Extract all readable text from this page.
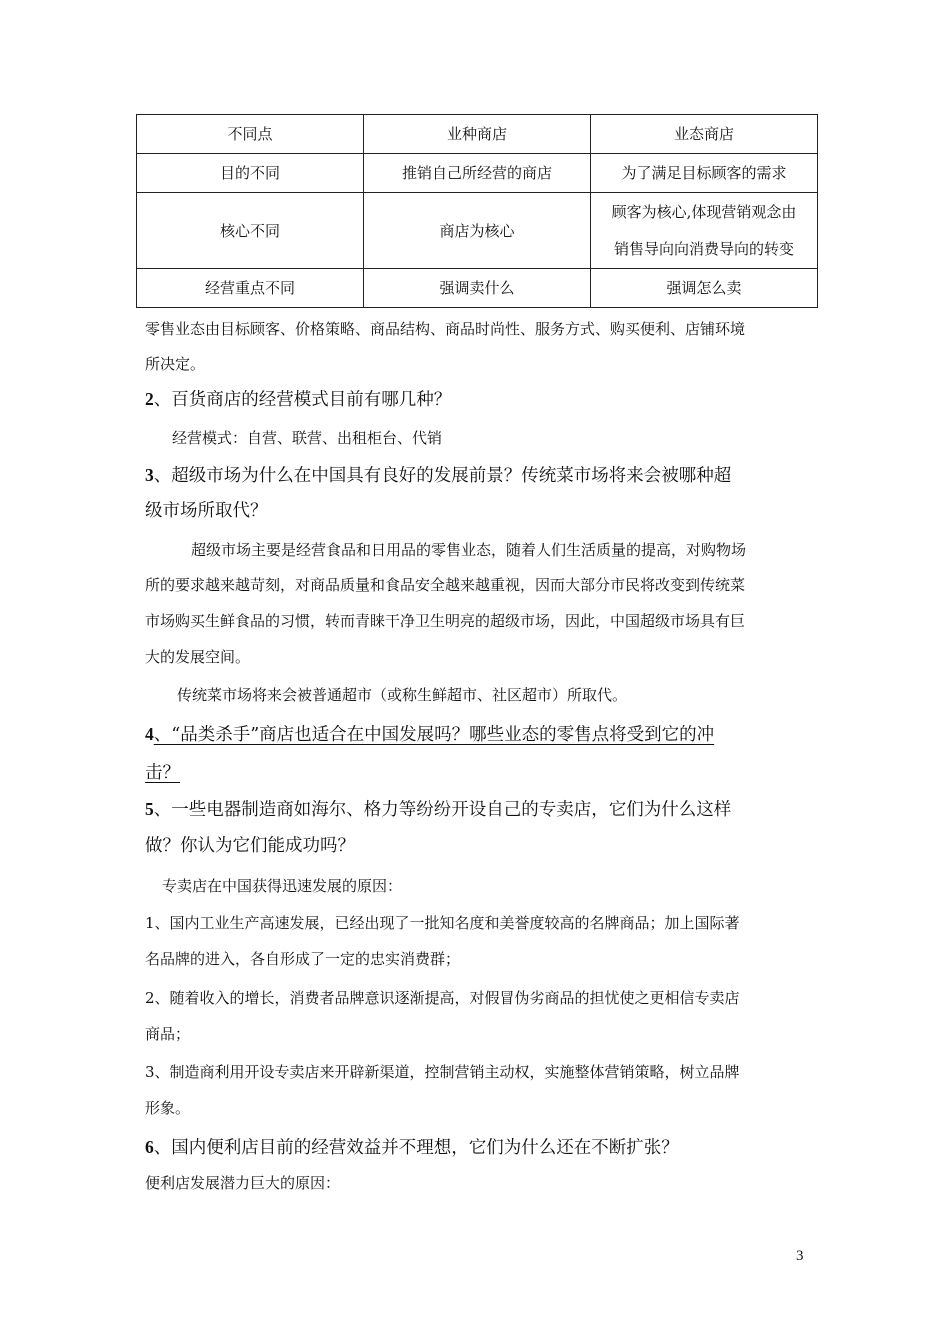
不同点	业种商店	业态商店
目的不同	推销自己所经营的商店	为了满足目标顾客的需求
核心不同	商店为核心	顾客为核心,体现营销观念由
销售导向向消费导向的转变

经营重点不同	强调卖什么	强调怎么卖
零售业态由目标顾客、价格策略、商品结构、商品时尚性、服务方式、购买便利、店铺环境
所决定。
2、百货商店的经营模式目前有哪几种？
经营模式：自营、联营、出租柜台、代销
3、超级市场为什么在中国具有良好的发展前景？传统菜市场将来会被哪种超
级市场所取代？
超级市场主要是经营食品和日用品的零售业态，随着人们生活质量的提高，对购物场
所的要求越来越苛刻，对商品质量和食品安全越来越重视，因而大部分市民将改变到传统菜
市场购买生鲜食品的习惯，转而青睐干净卫生明亮的超级市场，因此，中国超级市场具有巨
大的发展空间。
传统菜市场将来会被普通超市（或称生鲜超市、社区超市）所取代。
4、“品类杀手”商店也适合在中国发展吗？哪些业态的零售点将受到它的冲
击？
5、一些电器制造商如海尔、格力等纷纷开设自己的专卖店，它们为什么这样
做？你认为它们能成功吗？
专卖店在中国获得迅速发展的原因：
1、国内工业生产高速发展，已经出现了一批知名度和美誉度较高的名牌商品；加上国际著
名品牌的进入，各自形成了一定的忠实消费群；
2、随着收入的增长，消费者品牌意识逐渐提高，对假冒伪劣商品的担忧使之更相信专卖店
商品；
3、制造商利用开设专卖店来开辟新渠道，控制营销主动权，实施整体营销策略，树立品牌
形象。
6、国内便利店目前的经营效益并不理想，它们为什么还在不断扩张？
便利店发展潜力巨大的原因：
3
